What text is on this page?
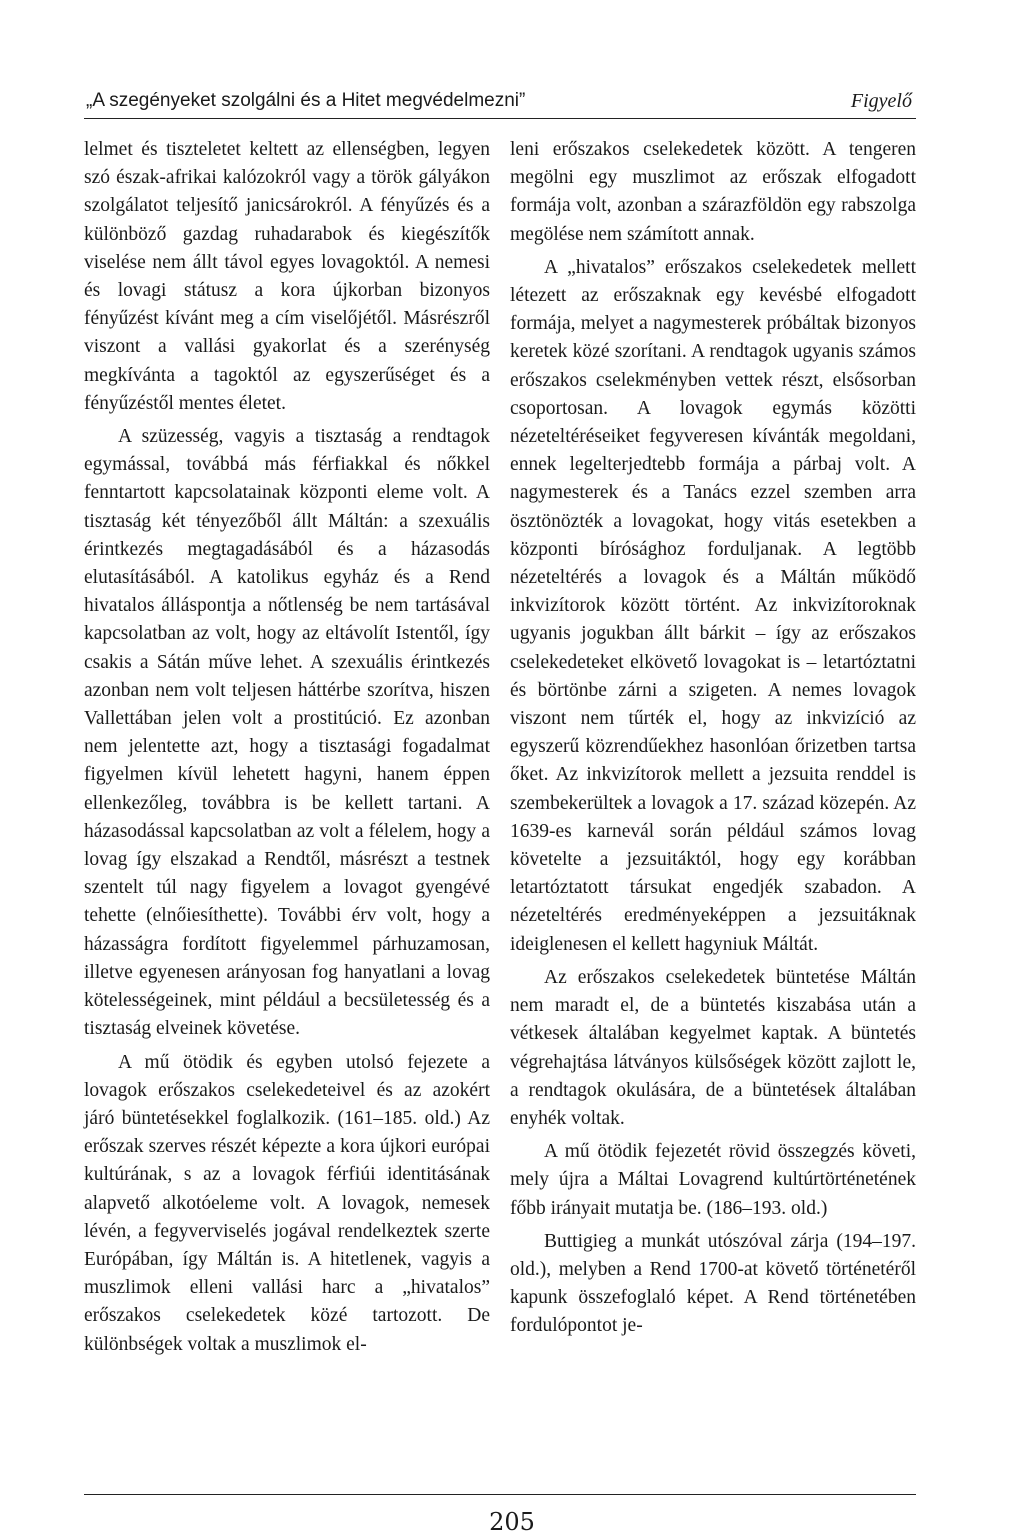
„A szegényeket szolgálni és a Hitet megvédelmezni”	Figyelő

lelmet és tiszteletet keltett az ellenségben, legyen szó észak-afrikai kalózokról vagy a török gályákon szolgálatot teljesítő janicsárokról. A fényűzés és a különböző gazdag ruhadarabok és kiegészítők viselése nem állt távol egyes lovagoktól. A nemesi és lovagi státusz a kora újkorban bizonyos fényűzést kívánt meg a cím viselőjétől. Másrészről viszont a vallási gyakorlat és a szerénység megkívánta a tagoktól az egyszerűséget és a fényűzéstől mentes életet.

A szüzesség, vagyis a tisztaság a rendtagok egymással, továbbá más férfiakkal és nőkkel fenntartott kapcsolatainak központi eleme volt. A tisztaság két tényezőből állt Máltán: a szexuális érintkezés megtagadásából és a házasodás elutasításából. A katolikus egyház és a Rend hivatalos álláspontja a nőtlenség be nem tartásával kapcsolatban az volt, hogy az eltávolít Istentől, így csakis a Sátán műve lehet. A szexuális érintkezés azonban nem volt teljesen háttérbe szorítva, hiszen Vallettában jelen volt a prostitúció. Ez azonban nem jelentette azt, hogy a tisztasági fogadalmat figyelmen kívül lehetett hagyni, hanem éppen ellenkezőleg, továbbra is be kellett tartani. A házasodással kapcsolatban az volt a félelem, hogy a lovag így elszakad a Rendtől, másrészt a testnek szentelt túl nagy figyelem a lovagot gyengévé tehette (elnőiesíthette). További érv volt, hogy a házasságra fordított figyelemmel párhuzamosan, illetve egyenesen arányosan fog hanyatlani a lovag kötelességeinek, mint például a becsületesség és a tisztaság elveinek követése.

A mű ötödik és egyben utolsó fejezete a lovagok erőszakos cselekedeteivel és az azokért járó büntetésekkel foglalkozik. (161–185. old.) Az erőszak szerves részét képezte a kora újkori európai kultúrának, s az a lovagok férfiúi identitásának alapvető alkotóeleme volt. A lovagok, nemesek lévén, a fegyverviselés jogával rendelkeztek szerte Európában, így Máltán is. A hitetlenek, vagyis a muszlimok elleni vallási harc a „hivatalos” erőszakos cselekedetek közé tartozott. De különbségek voltak a muszlimok el-

leni erőszakos cselekedetek között. A tengeren megölni egy muszlimot az erőszak elfogadott formája volt, azonban a szárazföldön egy rabszolga megölése nem számított annak.

A „hivatalos” erőszakos cselekedetek mellett létezett az erőszaknak egy kevésbé elfogadott formája, melyet a nagymesterek próbáltak bizonyos keretek közé szorítani. A rendtagok ugyanis számos erőszakos cselekményben vettek részt, elsősorban csoportosan. A lovagok egymás közötti nézeteltéréseiket fegyveresen kívánták megoldani, ennek legelterjedtebb formája a párbaj volt. A nagymesterek és a Tanács ezzel szemben arra ösztönözték a lovagokat, hogy vitás esetekben a központi bírósághoz forduljanak. A legtöbb nézeteltérés a lovagok és a Máltán működő inkvizítorok között történt. Az inkvizítoroknak ugyanis jogukban állt bárkit – így az erőszakos cselekedeteket elkövető lovagokat is – letartóztatni és börtönbe zárni a szigeten. A nemes lovagok viszont nem tűrték el, hogy az inkvizíció az egyszerű közrendűekhez hasonlóan őrizetben tartsa őket. Az inkvizítorok mellett a jezsuita renddel is szembekerültek a lovagok a 17. század közepén. Az 1639-es karnevál során például számos lovag követelte a jezsuitáktól, hogy egy korábban letartóztatott társukat engedjék szabadon. A nézeteltérés eredményeképpen a jezsuitáknak ideiglenesen el kellett hagyniuk Máltát.

Az erőszakos cselekedetek büntetése Máltán nem maradt el, de a büntetés kiszabása után a vétkesek általában kegyelmet kaptak. A büntetés végrehajtása látványos külsőségek között zajlott le, a rendtagok okulására, de a büntetések általában enyhék voltak.

A mű ötödik fejezetét rövid összegzés követi, mely újra a Máltai Lovagrend kultúrtörténetének főbb irányait mutatja be. (186–193. old.)

Buttigieg a munkát utószóval zárja (194–197. old.), melyben a Rend 1700-at követő történetéről kapunk összefoglaló képet. A Rend történetében fordulópontot je-

205
